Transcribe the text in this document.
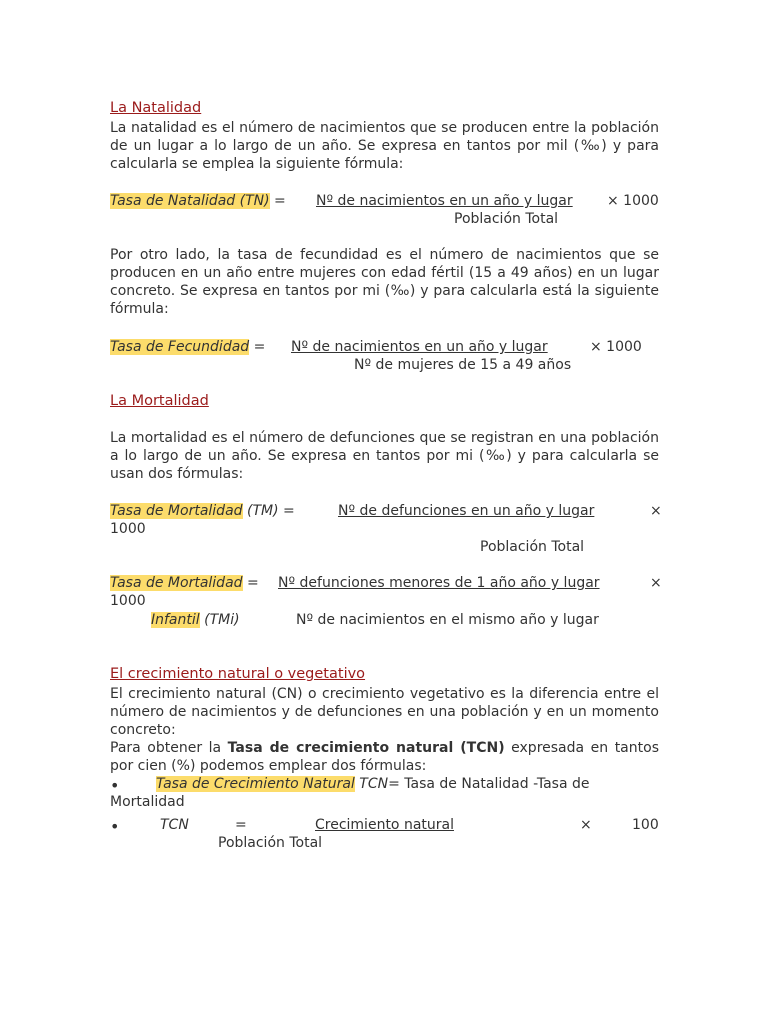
La Natalidad
La natalidad es el número de nacimientos que se producen entre la población de un lugar a lo largo de un año. Se expresa en tantos por mil (‰) y para calcularla se emplea la siguiente fórmula:
Tasa de Natalidad (TN) = Nº de nacimientos en un año y lugar × 1000
Población Total
Por otro lado, la tasa de fecundidad es el número de nacimientos que se producen en un año entre mujeres con edad fértil (15 a 49 años) en un lugar concreto. Se expresa en tantos por mi (‰) y para calcularla está la siguiente fórmula:
Tasa de Fecundidad = Nº de nacimientos en un año y lugar	× 1000
Nº de mujeres de 15 a 49 años
La Mortalidad
La mortalidad es el número de defunciones que se registran en una población a lo largo de un año. Se expresa en tantos por mi (‰) y para calcularla se usan dos fórmulas:
Tasa de Mortalidad (TM) =	Nº de defunciones en un año y lugar	×
1000
Población Total
Tasa de Mortalidad = Nº defunciones menores de 1 año año y lugar	×
1000
Infantil (TMi)	Nº de nacimientos en el mismo año y lugar
El crecimiento natural o vegetativo
El crecimiento natural (CN) o crecimiento vegetativo es la diferencia entre el número de nacimientos y de defunciones en una población y en un momento concreto:
Para obtener la Tasa de crecimiento natural (TCN) expresada en tantos por cien (%) podemos emplear dos fórmulas:
•	Tasa de Crecimiento Natural TCN= Tasa de Natalidad -Tasa de
Mortalidad
•	TCN	=	Crecimiento natural	×	100
Población Total
